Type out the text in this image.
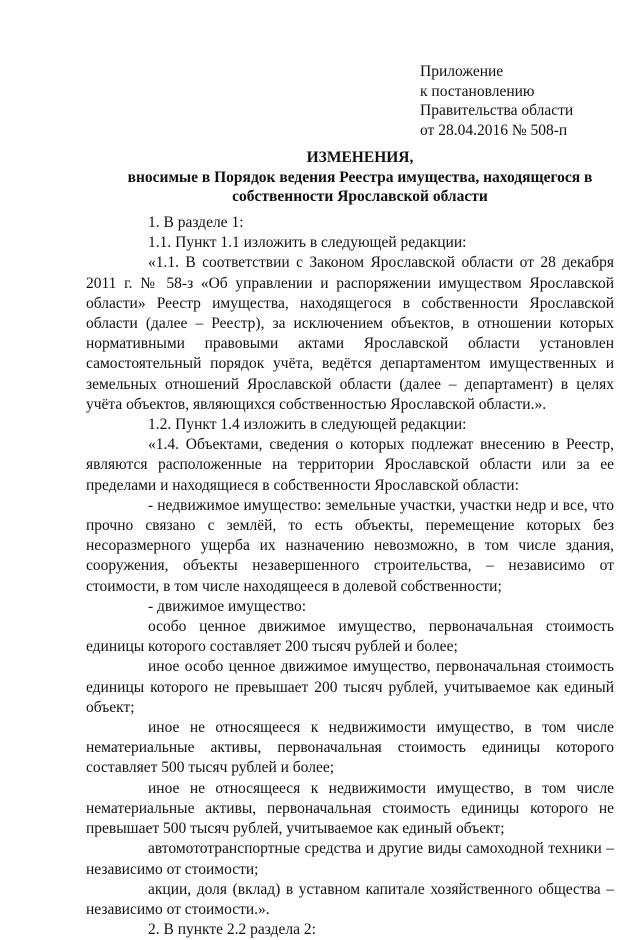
Приложение
к постановлению
Правительства области
от 28.04.2016 № 508-п
ИЗМЕНЕНИЯ,
вносимые в Порядок ведения Реестра имущества, находящегося в
собственности Ярославской области

1. В разделе 1:

1.1. Пункт 1.1 изложить в следующей редакции:

«1.1. В соответствии с Законом Ярославской области от 28 декабря 2011 г. № 58-з «Об управлении и распоряжении имуществом Ярославской области» Реестр имущества, находящегося в собственности Ярославской области (далее – Реестр), за исключением объектов, в отношении которых нормативными правовыми актами Ярославской области установлен самостоятельный порядок учёта, ведётся департаментом имущественных и земельных отношений Ярославской области (далее – департамент) в целях учёта объектов, являющихся собственностью Ярославской области.».

1.2. Пункт 1.4 изложить в следующей редакции:

«1.4. Объектами, сведения о которых подлежат внесению в Реестр, являются расположенные на территории Ярославской области или за ее пределами и находящиеся в собственности Ярославской области:

- недвижимое имущество: земельные участки, участки недр и все, что прочно связано с землёй, то есть объекты, перемещение которых без несоразмерного ущерба их назначению невозможно, в том числе здания, сооружения, объекты незавершенного строительства, – независимо от стоимости, в том числе находящееся в долевой собственности;

- движимое имущество:

особо ценное движимое имущество, первоначальная стоимость единицы которого составляет 200 тысяч рублей и более;

иное особо ценное движимое имущество, первоначальная стоимость единицы которого не превышает 200 тысяч рублей, учитываемое как единый объект;

иное не относящееся к недвижимости имущество, в том числе нематериальные активы, первоначальная стоимость единицы которого составляет 500 тысяч рублей и более;

иное не относящееся к недвижимости имущество, в том числе нематериальные активы, первоначальная стоимость единицы которого не превышает 500 тысяч рублей, учитываемое как единый объект;

автомототранспортные средства и другие виды самоходной техники – независимо от стоимости;

акции, доля (вклад) в уставном капитале хозяйственного общества – независимо от стоимости.».

2. В пункте 2.2 раздела 2:
